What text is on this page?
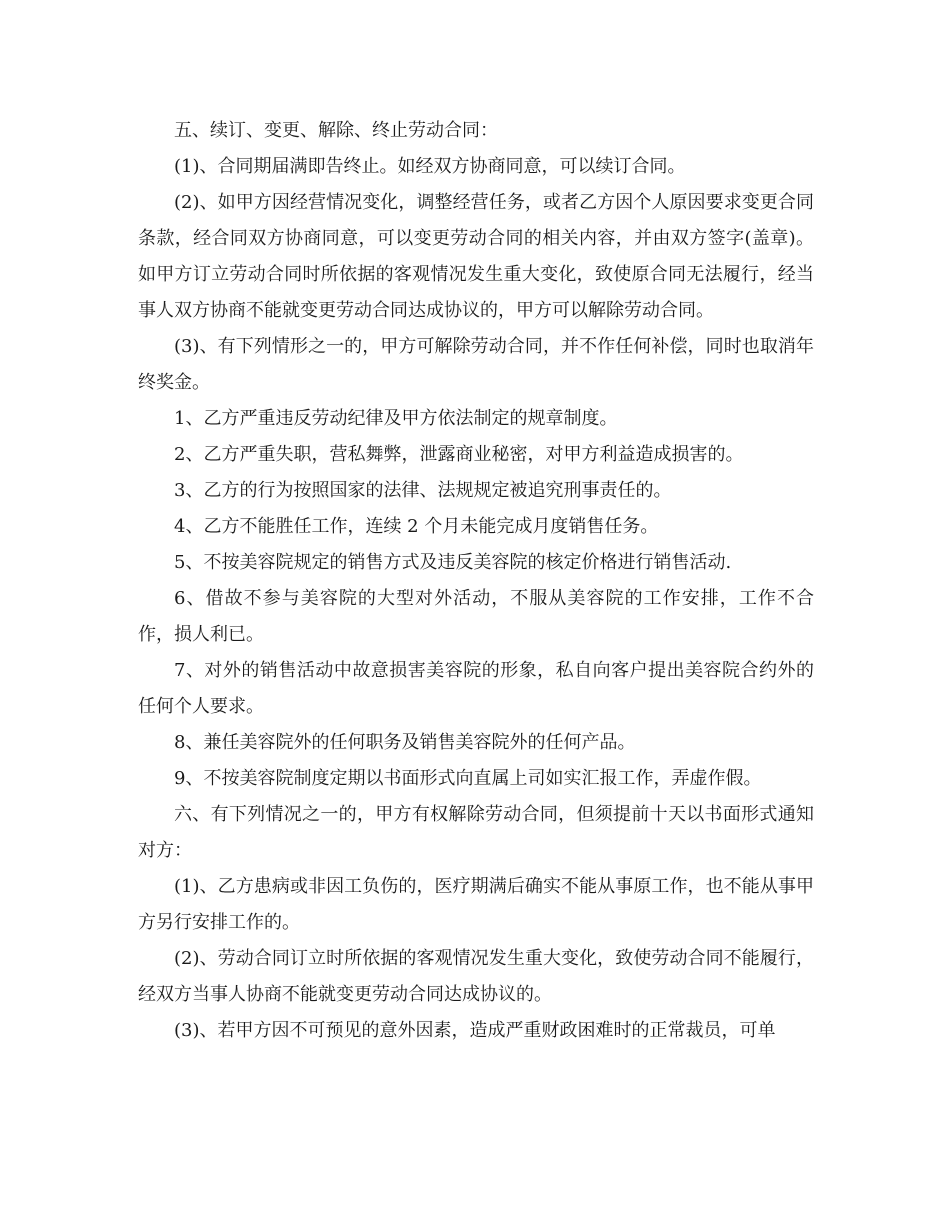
五、续订、变更、解除、终止劳动合同：

(1)、合同期届满即告终止。如经双方协商同意，可以续订合同。

(2)、如甲方因经营情况变化，调整经营任务，或者乙方因个人原因要求变更合同条款，经合同双方协商同意，可以变更劳动合同的相关内容，并由双方签字(盖章)。如甲方订立劳动合同时所依据的客观情况发生重大变化，致使原合同无法履行，经当事人双方协商不能就变更劳动合同达成协议的，甲方可以解除劳动合同。

(3)、有下列情形之一的，甲方可解除劳动合同，并不作任何补偿，同时也取消年终奖金。

1、乙方严重违反劳动纪律及甲方依法制定的规章制度。

2、乙方严重失职，营私舞弊，泄露商业秘密，对甲方利益造成损害的。

3、乙方的行为按照国家的法律、法规规定被追究刑事责任的。

4、乙方不能胜任工作，连续 2 个月未能完成月度销售任务。

5、不按美容院规定的销售方式及违反美容院的核定价格进行销售活动.

6、借故不参与美容院的大型对外活动，不服从美容院的工作安排，工作不合作，损人利已。

7、对外的销售活动中故意损害美容院的形象，私自向客户提出美容院合约外的任何个人要求。

8、兼任美容院外的任何职务及销售美容院外的任何产品。

9、不按美容院制度定期以书面形式向直属上司如实汇报工作，弄虚作假。

六、有下列情况之一的，甲方有权解除劳动合同，但须提前十天以书面形式通知对方：

(1)、乙方患病或非因工负伤的，医疗期满后确实不能从事原工作，也不能从事甲方另行安排工作的。

(2)、劳动合同订立时所依据的客观情况发生重大变化，致使劳动合同不能履行，经双方当事人协商不能就变更劳动合同达成协议的。

(3)、若甲方因不可预见的意外因素，造成严重财政困难时的正常裁员，可单
